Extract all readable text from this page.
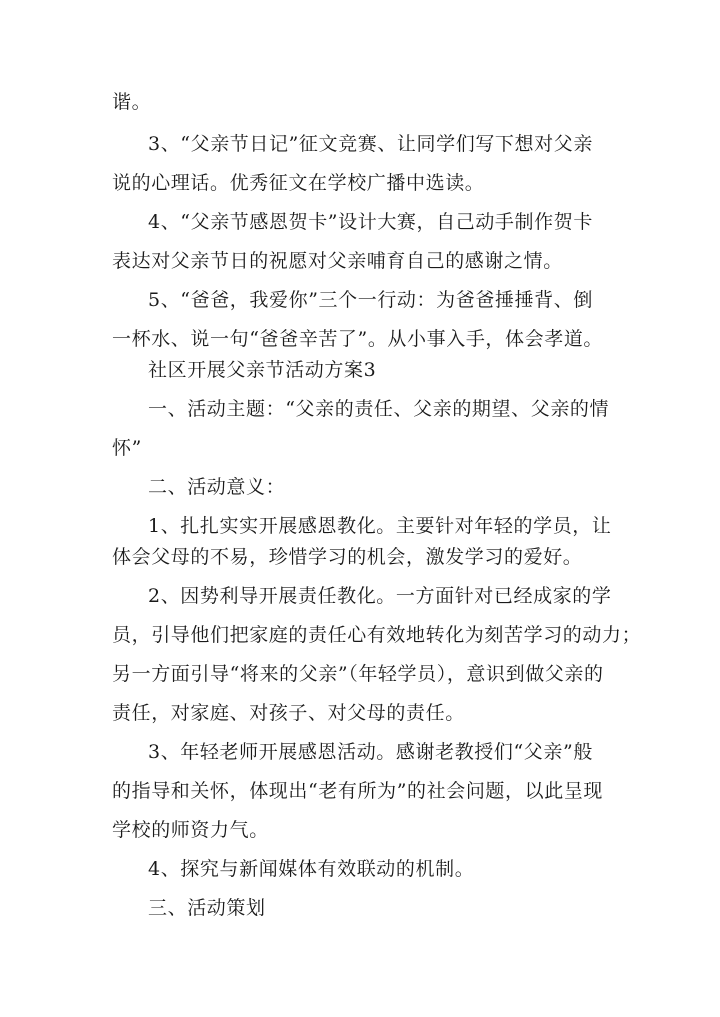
谐。
3、“父亲节日记”征文竞赛、让同学们写下想对父亲
说的心理话。优秀征文在学校广播中选读。
4、“父亲节感恩贺卡”设计大赛，自己动手制作贺卡
表达对父亲节日的祝愿对父亲哺育自己的感谢之情。
5、“爸爸，我爱你”三个一行动：为爸爸捶捶背、倒
一杯水、说一句“爸爸辛苦了”。从小事入手，体会孝道。
社区开展父亲节活动方案3
一、活动主题：“父亲的责任、父亲的期望、父亲的情
怀”
二、活动意义：
1、扎扎实实开展感恩教化。主要针对年轻的学员，让
体会父母的不易，珍惜学习的机会，激发学习的爱好。
2、因势利导开展责任教化。一方面针对已经成家的学
员，引导他们把家庭的责任心有效地转化为刻苦学习的动力；
另一方面引导“将来的父亲”（年轻学员），意识到做父亲的
责任，对家庭、对孩子、对父母的责任。
3、年轻老师开展感恩活动。感谢老教授们“父亲”般
的指导和关怀，体现出“老有所为”的社会问题，以此呈现
学校的师资力气。
4、探究与新闻媒体有效联动的机制。
三、活动策划
